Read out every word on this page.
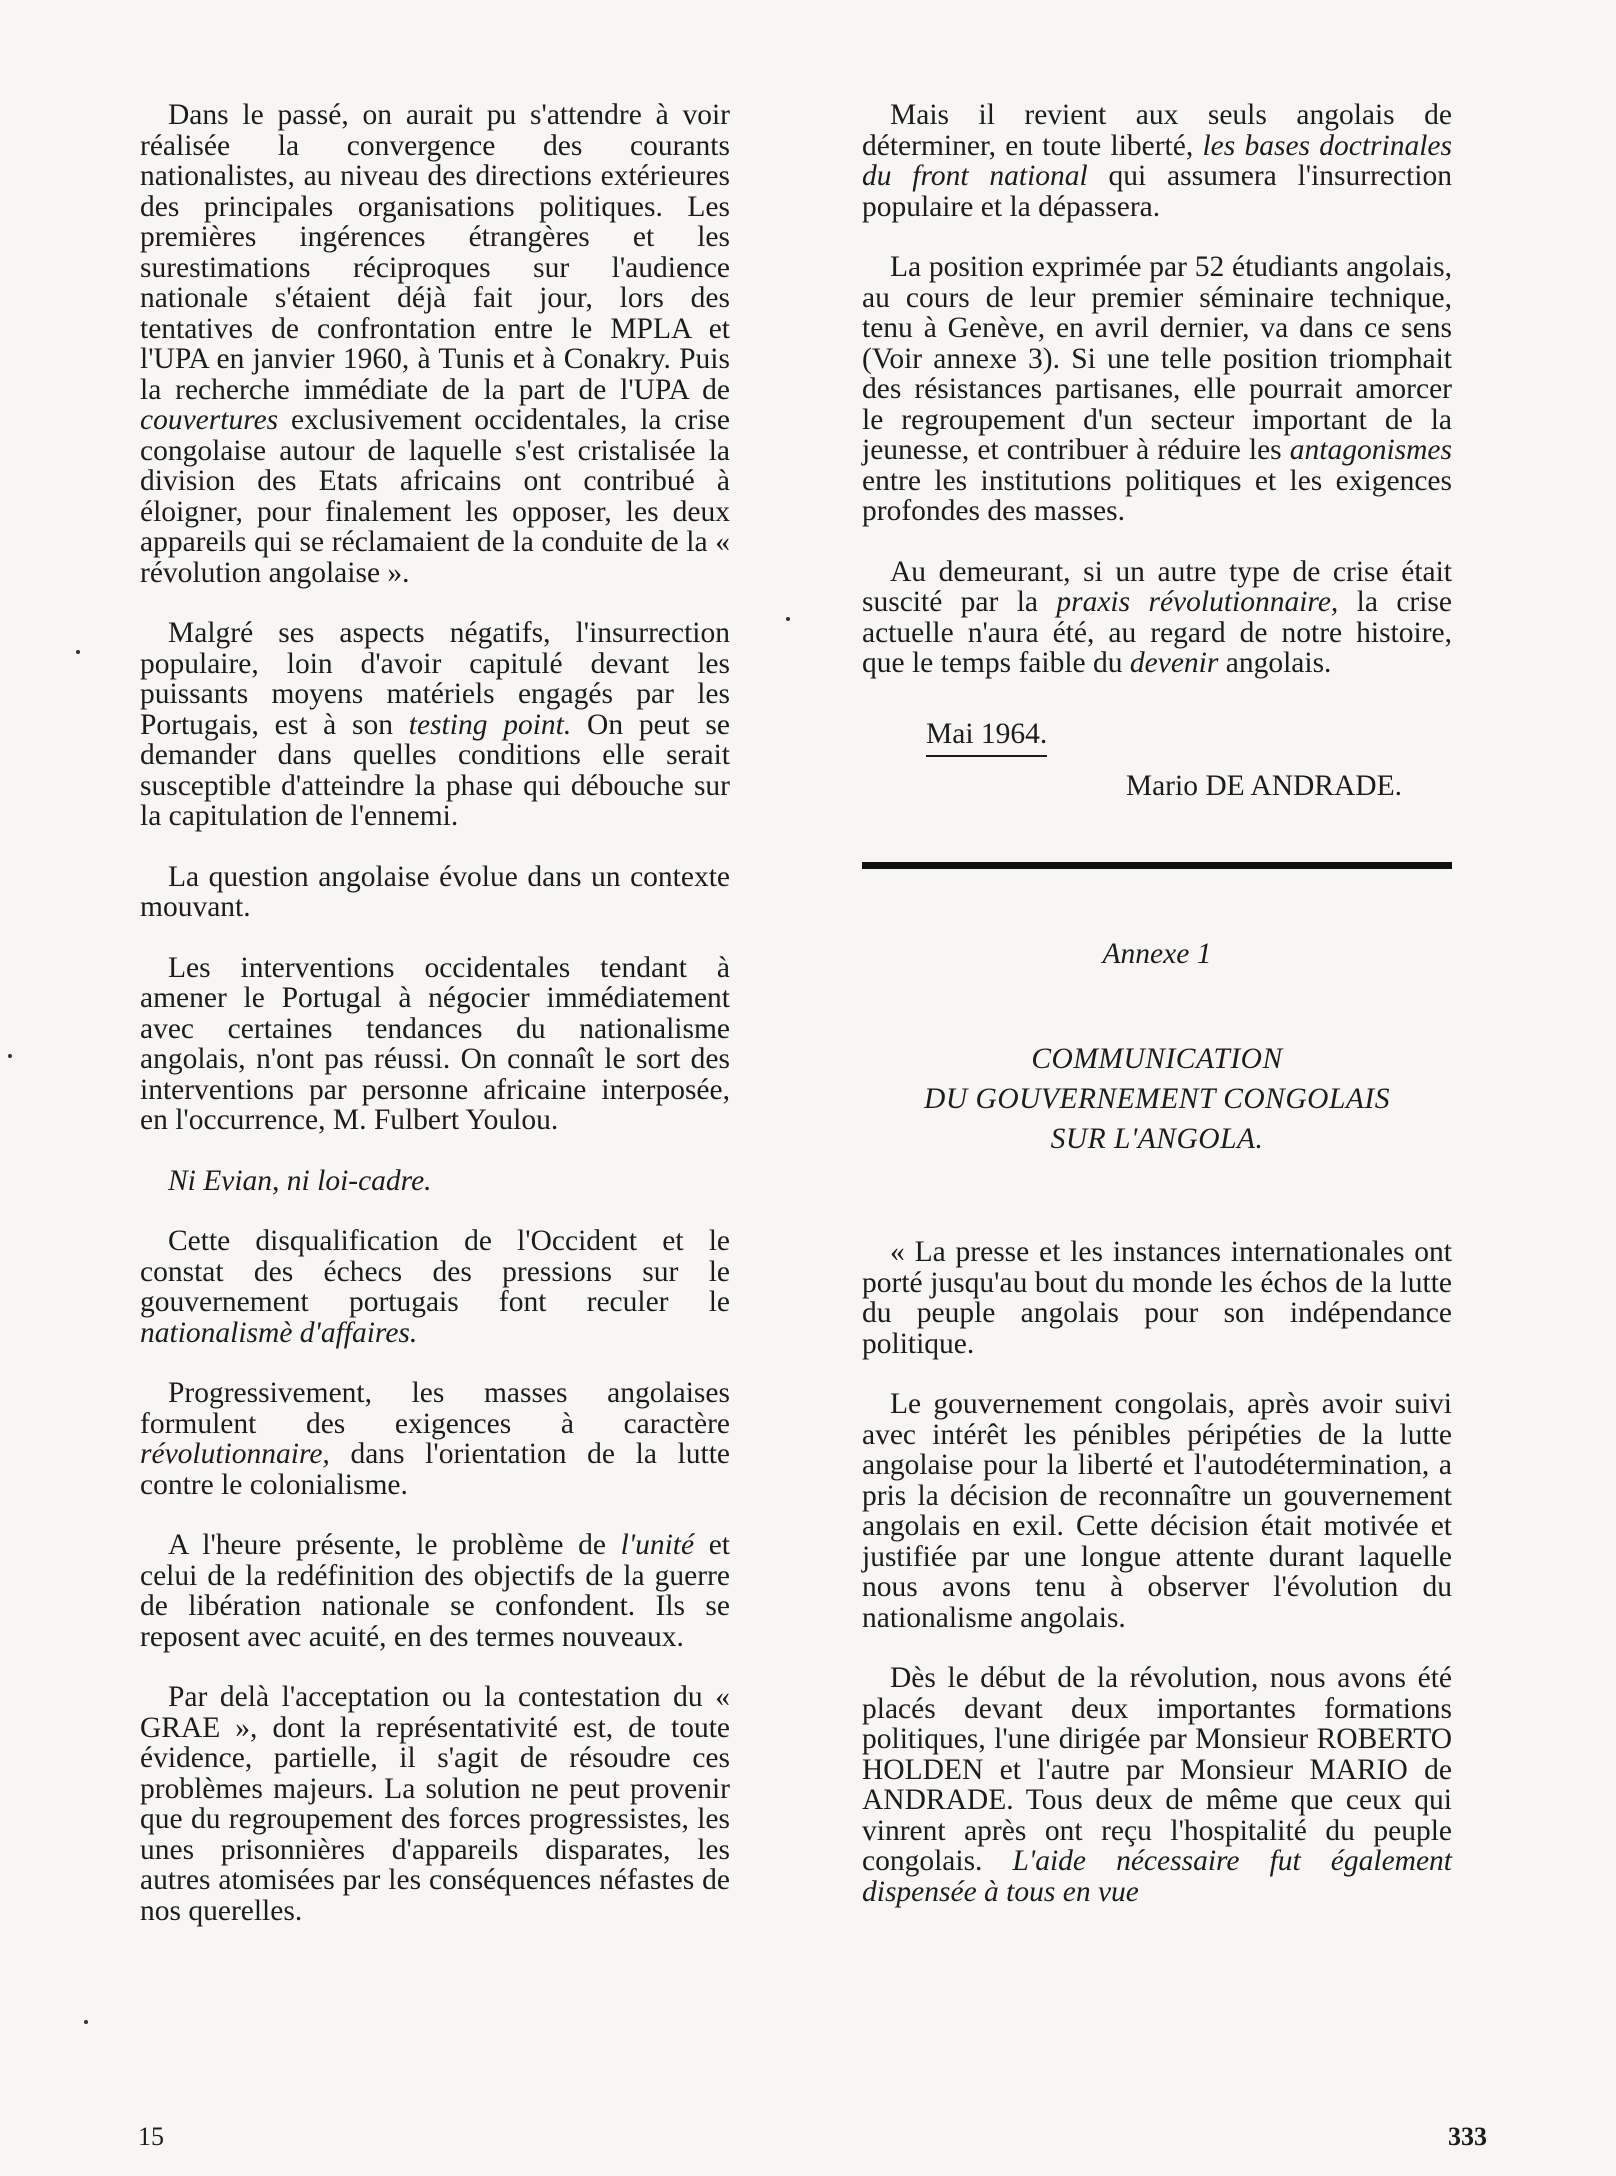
Dans le passé, on aurait pu s'attendre à voir réalisée la convergence des courants nationalistes, au niveau des directions extérieures des principales organisations politiques. Les premières ingérences étrangères et les surestimations réciproques sur l'audience nationale s'étaient déjà fait jour, lors des tentatives de confrontation entre le MPLA et l'UPA en janvier 1960, à Tunis et à Conakry. Puis la recherche immédiate de la part de l'UPA de couvertures exclusivement occidentales, la crise congolaise autour de laquelle s'est cristalisée la division des Etats africains ont contribué à éloigner, pour finalement les opposer, les deux appareils qui se réclamaient de la conduite de la « révolution angolaise ».

Malgré ses aspects négatifs, l'insurrection populaire, loin d'avoir capitulé devant les puissants moyens matériels engagés par les Portugais, est à son testing point. On peut se demander dans quelles conditions elle serait susceptible d'atteindre la phase qui débouche sur la capitulation de l'ennemi.

La question angolaise évolue dans un contexte mouvant.

Les interventions occidentales tendant à amener le Portugal à négocier immédiatement avec certaines tendances du nationalisme angolais, n'ont pas réussi. On connaît le sort des interventions par personne africaine interposée, en l'occurrence, M. Fulbert Youlou.

Ni Evian, ni loi-cadre.

Cette disqualification de l'Occident et le constat des échecs des pressions sur le gouvernement portugais font reculer le nationalismè d'affaires.

Progressivement, les masses angolaises formulent des exigences à caractère révolutionnaire, dans l'orientation de la lutte contre le colonialisme.

A l'heure présente, le problème de l'unité et celui de la redéfinition des objectifs de la guerre de libération nationale se confondent. Ils se reposent avec acuité, en des termes nouveaux.

Par delà l'acceptation ou la contestation du « GRAE », dont la représentativité est, de toute évidence, partielle, il s'agit de résoudre ces problèmes majeurs. La solution ne peut provenir que du regroupement des forces progressistes, les unes prisonnières d'appareils disparates, les autres atomisées par les conséquences néfastes de nos querelles.

Mais il revient aux seuls angolais de déterminer, en toute liberté, les bases doctrinales du front national qui assumera l'insurrection populaire et la dépassera.

La position exprimée par 52 étudiants angolais, au cours de leur premier séminaire technique, tenu à Genève, en avril dernier, va dans ce sens (Voir annexe 3). Si une telle position triomphait des résistances partisanes, elle pourrait amorcer le regroupement d'un secteur important de la jeunesse, et contribuer à réduire les antagonismes entre les institutions politiques et les exigences profondes des masses.

Au demeurant, si un autre type de crise était suscité par la praxis révolutionnaire, la crise actuelle n'aura été, au regard de notre histoire, que le temps faible du devenir angolais.

Mai 1964.
Mario DE ANDRADE.
Annexe 1
COMMUNICATION
DU GOUVERNEMENT CONGOLAIS
SUR L'ANGOLA.

« La presse et les instances internationales ont porté jusqu'au bout du monde les échos de la lutte du peuple angolais pour son indépendance politique.

Le gouvernement congolais, après avoir suivi avec intérêt les pénibles péripéties de la lutte angolaise pour la liberté et l'autodétermination, a pris la décision de reconnaître un gouvernement angolais en exil. Cette décision était motivée et justifiée par une longue attente durant laquelle nous avons tenu à observer l'évolution du nationalisme angolais.

Dès le début de la révolution, nous avons été placés devant deux importantes formations politiques, l'une dirigée par Monsieur ROBERTO HOLDEN et l'autre par Monsieur MARIO de ANDRADE. Tous deux de même que ceux qui vinrent après ont reçu l'hospitalité du peuple congolais. L'aide nécessaire fut également dispensée à tous en vue

15	333
